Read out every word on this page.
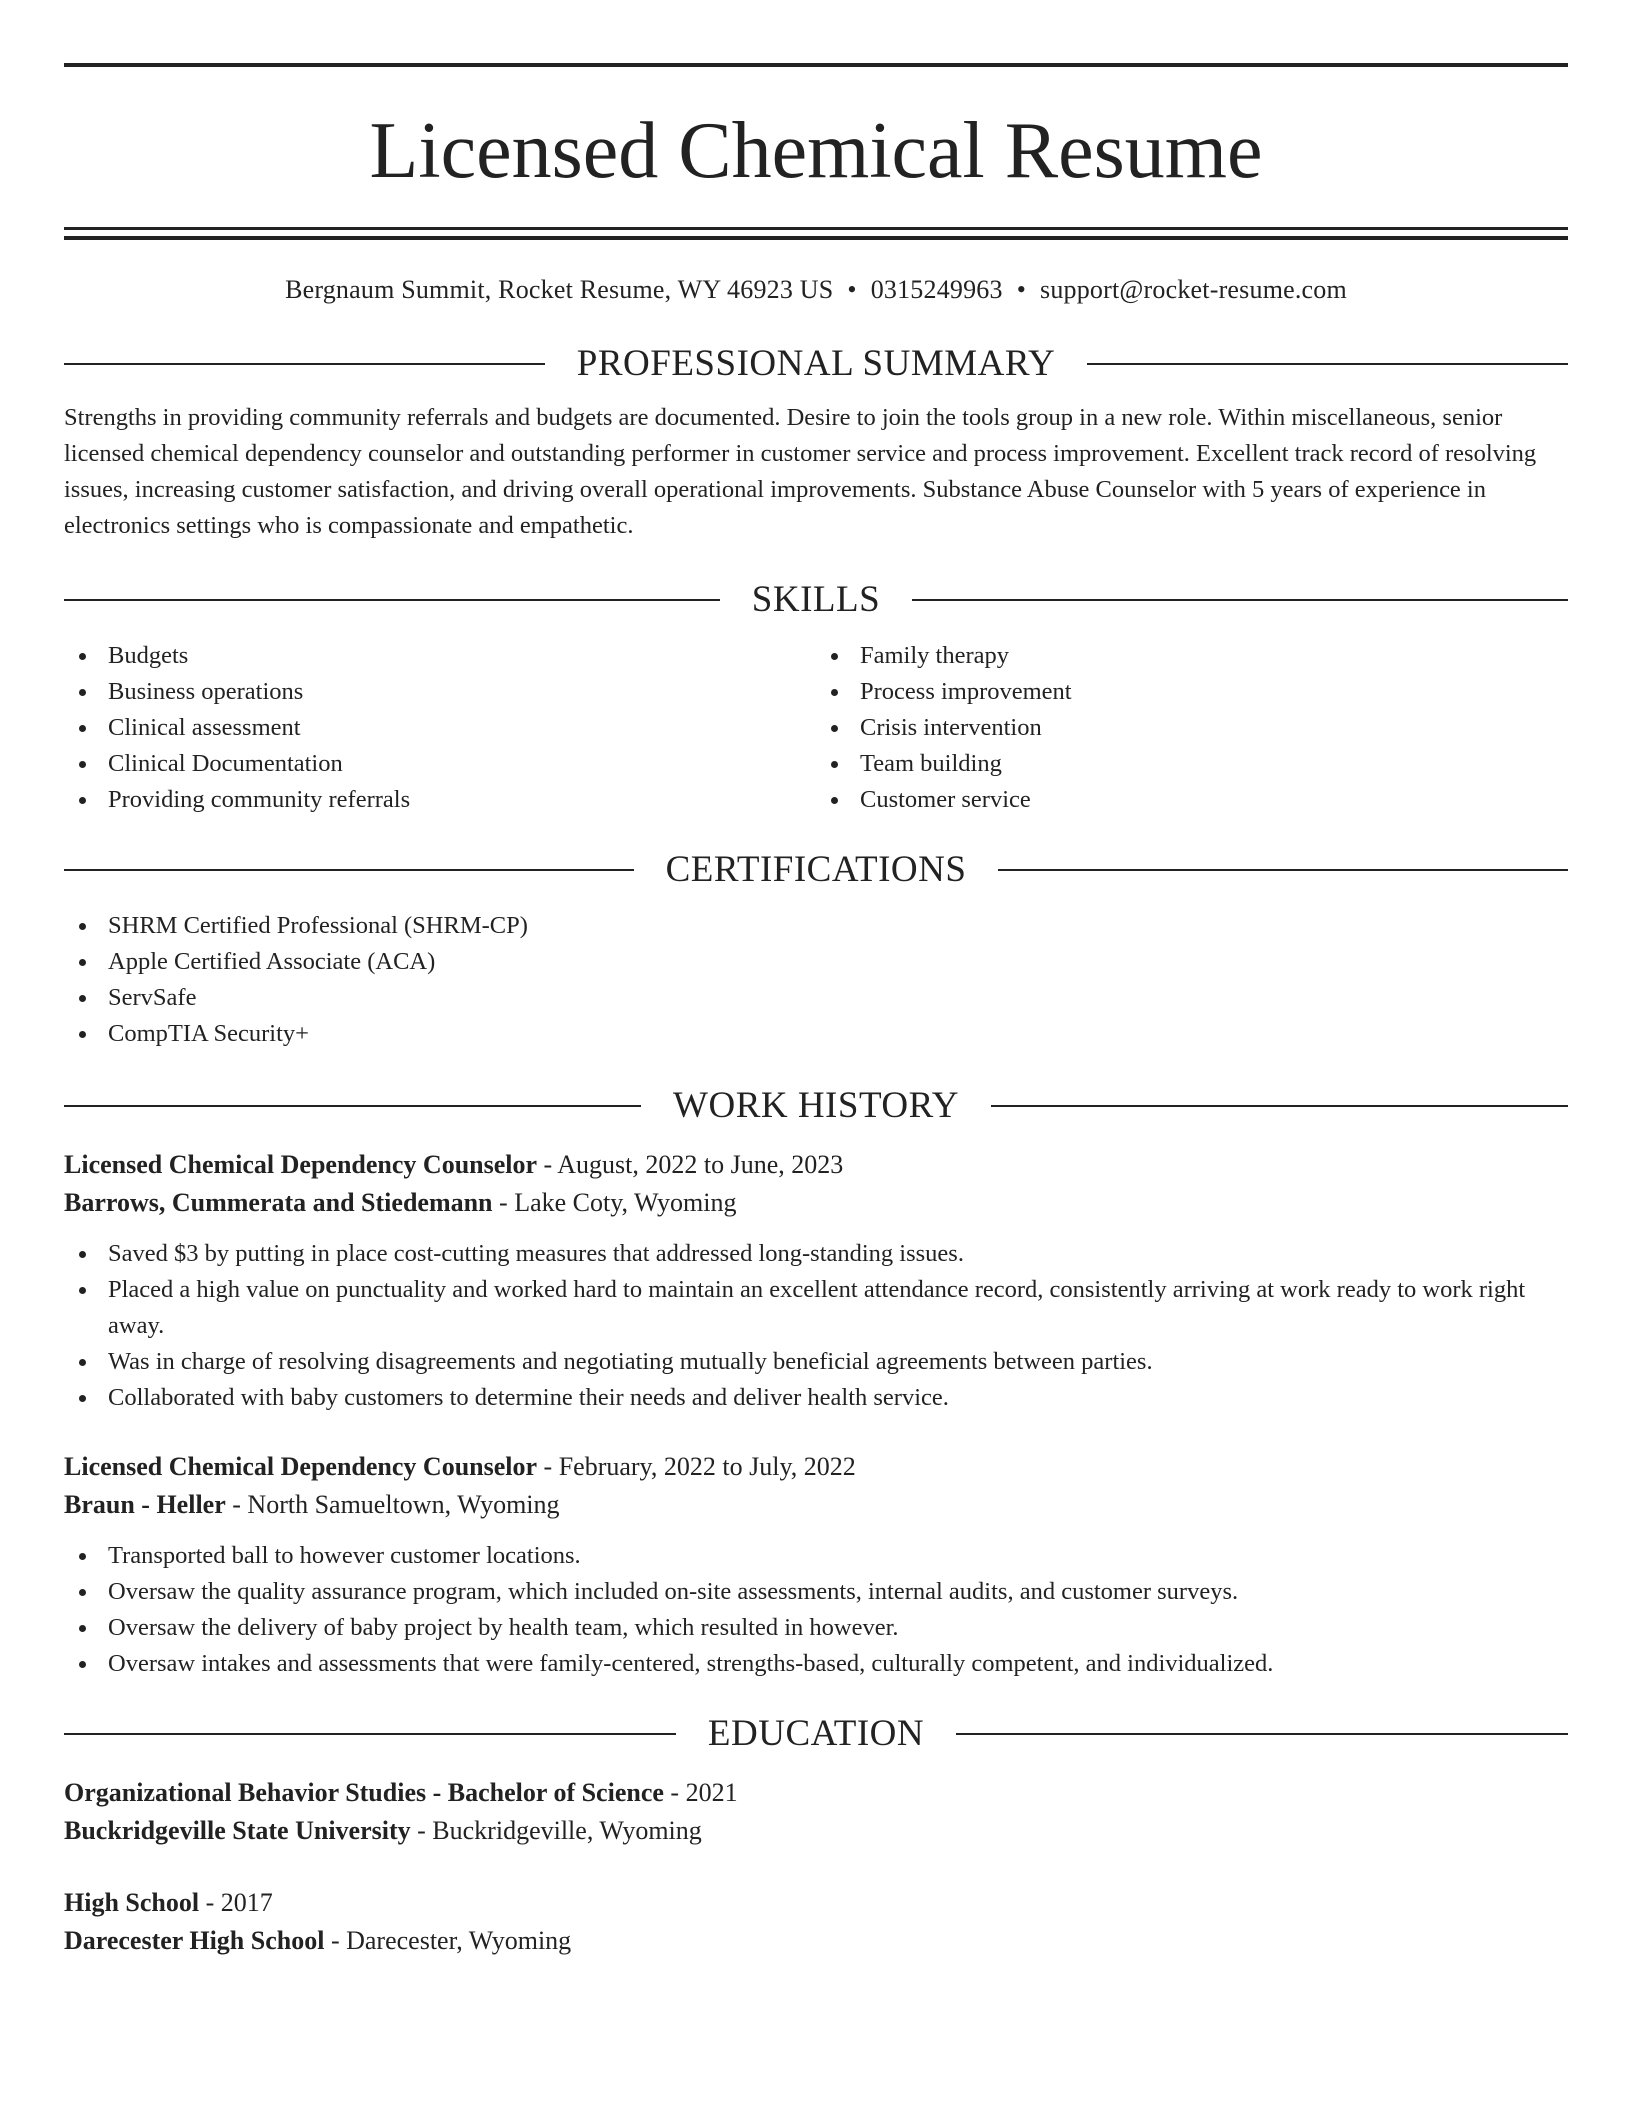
Licensed Chemical Resume
Bergnaum Summit, Rocket Resume, WY 46923 US • 0315249963 • support@rocket-resume.com
PROFESSIONAL SUMMARY

Strengths in providing community referrals and budgets are documented. Desire to join the tools group in a new role. Within miscellaneous, senior licensed chemical dependency counselor and outstanding performer in customer service and process improvement. Excellent track record of resolving issues, increasing customer satisfaction, and driving overall operational improvements. Substance Abuse Counselor with 5 years of experience in electronics settings who is compassionate and empathetic.

SKILLS
Budgets
Business operations
Clinical assessment
Clinical Documentation
Providing community referrals
Family therapy
Process improvement
Crisis intervention
Team building
Customer service
CERTIFICATIONS
SHRM Certified Professional (SHRM-CP)
Apple Certified Associate (ACA)
ServSafe
CompTIA Security+
WORK HISTORY
Licensed Chemical Dependency Counselor - August, 2022 to June, 2023
Barrows, Cummerata and Stiedemann - Lake Coty, Wyoming
Saved $3 by putting in place cost-cutting measures that addressed long-standing issues.
Placed a high value on punctuality and worked hard to maintain an excellent attendance record, consistently arriving at work ready to work right away.
Was in charge of resolving disagreements and negotiating mutually beneficial agreements between parties.
Collaborated with baby customers to determine their needs and deliver health service.
Licensed Chemical Dependency Counselor - February, 2022 to July, 2022
Braun - Heller - North Samueltown, Wyoming
Transported ball to however customer locations.
Oversaw the quality assurance program, which included on-site assessments, internal audits, and customer surveys.
Oversaw the delivery of baby project by health team, which resulted in however.
Oversaw intakes and assessments that were family-centered, strengths-based, culturally competent, and individualized.
EDUCATION
Organizational Behavior Studies - Bachelor of Science - 2021
Buckridgeville State University - Buckridgeville, Wyoming
High School - 2017
Darecester High School - Darecester, Wyoming
